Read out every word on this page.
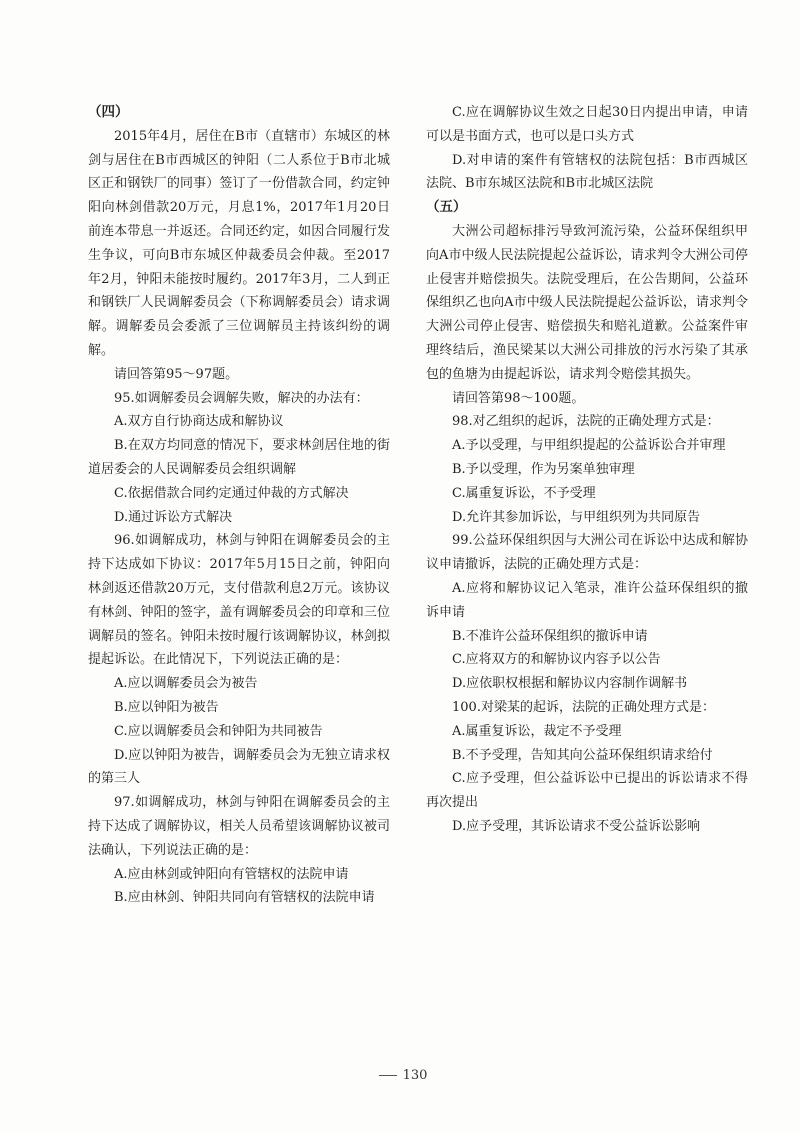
（四）

2015年4月，居住在B市（直辖市）东城区的林剑与居住在B市西城区的钟阳（二人系位于B市北城区正和钢铁厂的同事）签订了一份借款合同，约定钟阳向林剑借款20万元，月息1%，2017年1月20日前连本带息一并返还。合同还约定，如因合同履行发生争议，可向B市东城区仲裁委员会仲裁。至2017年2月，钟阳未能按时履约。2017年3月，二人到正和钢铁厂人民调解委员会（下称调解委员会）请求调解。调解委员会委派了三位调解员主持该纠纷的调解。

请回答第95～97题。

95.如调解委员会调解失败，解决的办法有：

A.双方自行协商达成和解协议

B.在双方均同意的情况下，要求林剑居住地的街道居委会的人民调解委员会组织调解

C.依据借款合同约定通过仲裁的方式解决

D.通过诉讼方式解决

96.如调解成功，林剑与钟阳在调解委员会的主持下达成如下协议：2017年5月15日之前，钟阳向林剑返还借款20万元，支付借款利息2万元。该协议有林剑、钟阳的签字，盖有调解委员会的印章和三位调解员的签名。钟阳未按时履行该调解协议，林剑拟提起诉讼。在此情况下，下列说法正确的是：

A.应以调解委员会为被告

B.应以钟阳为被告

C.应以调解委员会和钟阳为共同被告

D.应以钟阳为被告，调解委员会为无独立请求权的第三人

97.如调解成功，林剑与钟阳在调解委员会的主持下达成了调解协议，相关人员希望该调解协议被司法确认，下列说法正确的是：

A.应由林剑或钟阳向有管辖权的法院申请

B.应由林剑、钟阳共同向有管辖权的法院申请

C.应在调解协议生效之日起30日内提出申请，申请可以是书面方式，也可以是口头方式

D.对申请的案件有管辖权的法院包括：B市西城区法院、B市东城区法院和B市北城区法院

（五）

大洲公司超标排污导致河流污染，公益环保组织甲向A市中级人民法院提起公益诉讼，请求判令大洲公司停止侵害并赔偿损失。法院受理后，在公告期间，公益环保组织乙也向A市中级人民法院提起公益诉讼，请求判令大洲公司停止侵害、赔偿损失和赔礼道歉。公益案件审理终结后，渔民梁某以大洲公司排放的污水污染了其承包的鱼塘为由提起诉讼，请求判令赔偿其损失。

请回答第98～100题。

98.对乙组织的起诉，法院的正确处理方式是：

A.予以受理，与甲组织提起的公益诉讼合并审理

B.予以受理，作为另案单独审理

C.属重复诉讼，不予受理

D.允许其参加诉讼，与甲组织列为共同原告

99.公益环保组织因与大洲公司在诉讼中达成和解协议申请撤诉，法院的正确处理方式是：

A.应将和解协议记入笔录，准许公益环保组织的撤诉申请

B.不准许公益环保组织的撤诉申请

C.应将双方的和解协议内容予以公告

D.应依职权根据和解协议内容制作调解书

100.对梁某的起诉，法院的正确处理方式是：

A.属重复诉讼，裁定不予受理

B.不予受理，告知其向公益环保组织请求给付

C.应予受理，但公益诉讼中已提出的诉讼请求不得再次提出

D.应予受理，其诉讼请求不受公益诉讼影响

130
